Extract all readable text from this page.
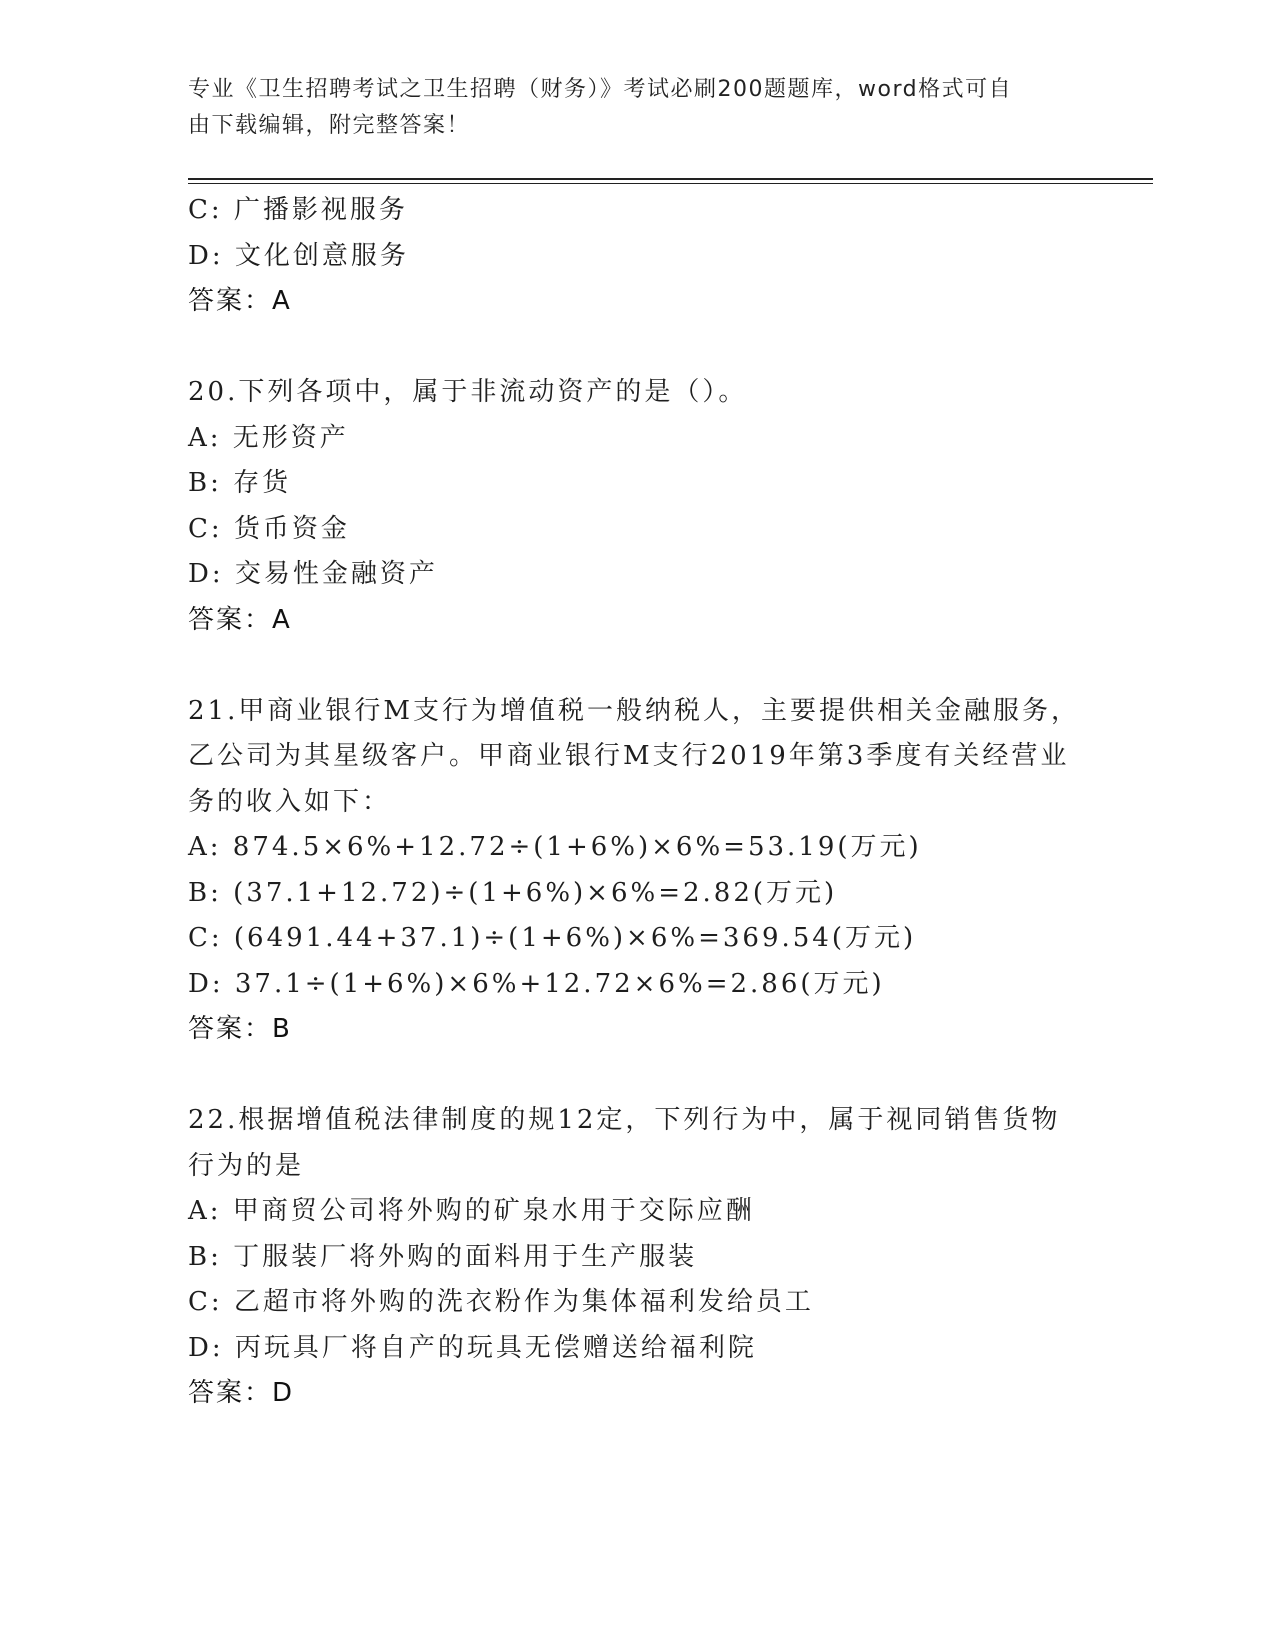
专业《卫生招聘考试之卫生招聘（财务）》考试必刷200题题库，word格式可自
由下载编辑，附完整答案！
C: 广播影视服务
D: 文化创意服务
答案：A
20.下列各项中，属于非流动资产的是（）。
A: 无形资产
B: 存货
C: 货币资金
D: 交易性金融资产
答案：A
21.甲商业银行M支行为增值税一般纳税人，主要提供相关金融服务，
乙公司为其星级客户。甲商业银行M支行2019年第3季度有关经营业
务的收入如下：
A: 874.5×6%+12.72÷(1+6%)×6%=53.19(万元)
B: (37.1+12.72)÷(1+6%)×6%=2.82(万元)
C: (6491.44+37.1)÷(1+6%)×6%=369.54(万元)
D: 37.1÷(1+6%)×6%+12.72×6%=2.86(万元)
答案：B
22.根据增值税法律制度的规12定，下列行为中，属于视同销售货物
行为的是
A: 甲商贸公司将外购的矿泉水用于交际应酬
B: 丁服装厂将外购的面料用于生产服装
C: 乙超市将外购的洗衣粉作为集体福利发给员工
D: 丙玩具厂将自产的玩具无偿赠送给福利院
答案：D
